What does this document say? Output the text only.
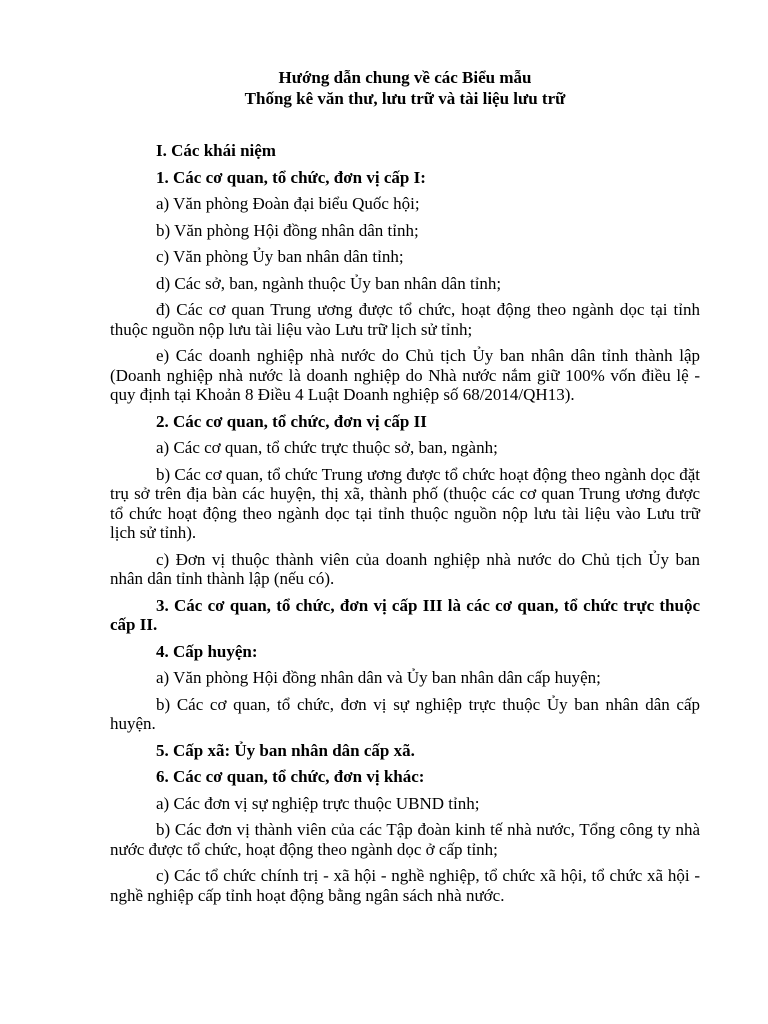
Hướng dẫn chung về các Biểu mẫu
Thống kê văn thư, lưu trữ và tài liệu lưu trữ

I. Các khái niệm

1. Các cơ quan, tổ chức, đơn vị cấp I:

a) Văn phòng Đoàn đại biểu Quốc hội;

b) Văn phòng Hội đồng nhân dân tỉnh;

c) Văn phòng Ủy ban nhân dân tỉnh;

d) Các sở, ban, ngành thuộc Ủy ban nhân dân tỉnh;

đ) Các cơ quan Trung ương được tổ chức, hoạt động theo ngành dọc tại tỉnh thuộc nguồn nộp lưu tài liệu vào Lưu trữ lịch sử tỉnh;

e) Các doanh nghiệp nhà nước do Chủ tịch Ủy ban nhân dân tỉnh thành lập (Doanh nghiệp nhà nước là doanh nghiệp do Nhà nước nắm giữ 100% vốn điều lệ - quy định tại Khoản 8 Điều 4 Luật Doanh nghiệp số 68/2014/QH13).

2. Các cơ quan, tổ chức, đơn vị cấp II

a) Các cơ quan, tổ chức trực thuộc sở, ban, ngành;

b) Các cơ quan, tổ chức Trung ương được tổ chức hoạt động theo ngành dọc đặt trụ sở trên địa bàn các huyện, thị xã, thành phố (thuộc các cơ quan Trung ương được tổ chức hoạt động theo ngành dọc tại tỉnh thuộc nguồn nộp lưu tài liệu vào Lưu trữ lịch sử tỉnh).

c) Đơn vị thuộc thành viên của doanh nghiệp nhà nước do Chủ tịch Ủy ban nhân dân tỉnh thành lập (nếu có).

3. Các cơ quan, tổ chức, đơn vị cấp III là các cơ quan, tổ chức trực thuộc cấp II.

4. Cấp huyện:

a) Văn phòng Hội đồng nhân dân và Ủy ban nhân dân cấp huyện;

b) Các cơ quan, tổ chức, đơn vị sự nghiệp trực thuộc Ủy ban nhân dân cấp huyện.

5. Cấp xã: Ủy ban nhân dân cấp xã.

6. Các cơ quan, tổ chức, đơn vị khác:

a) Các đơn vị sự nghiệp trực thuộc UBND tỉnh;

b) Các đơn vị thành viên của các Tập đoàn kinh tế nhà nước, Tổng công ty nhà nước được tổ chức, hoạt động theo ngành dọc ở cấp tỉnh;

c) Các tổ chức chính trị - xã hội - nghề nghiệp, tổ chức xã hội, tổ chức xã hội - nghề nghiệp cấp tỉnh hoạt động bằng ngân sách nhà nước.
